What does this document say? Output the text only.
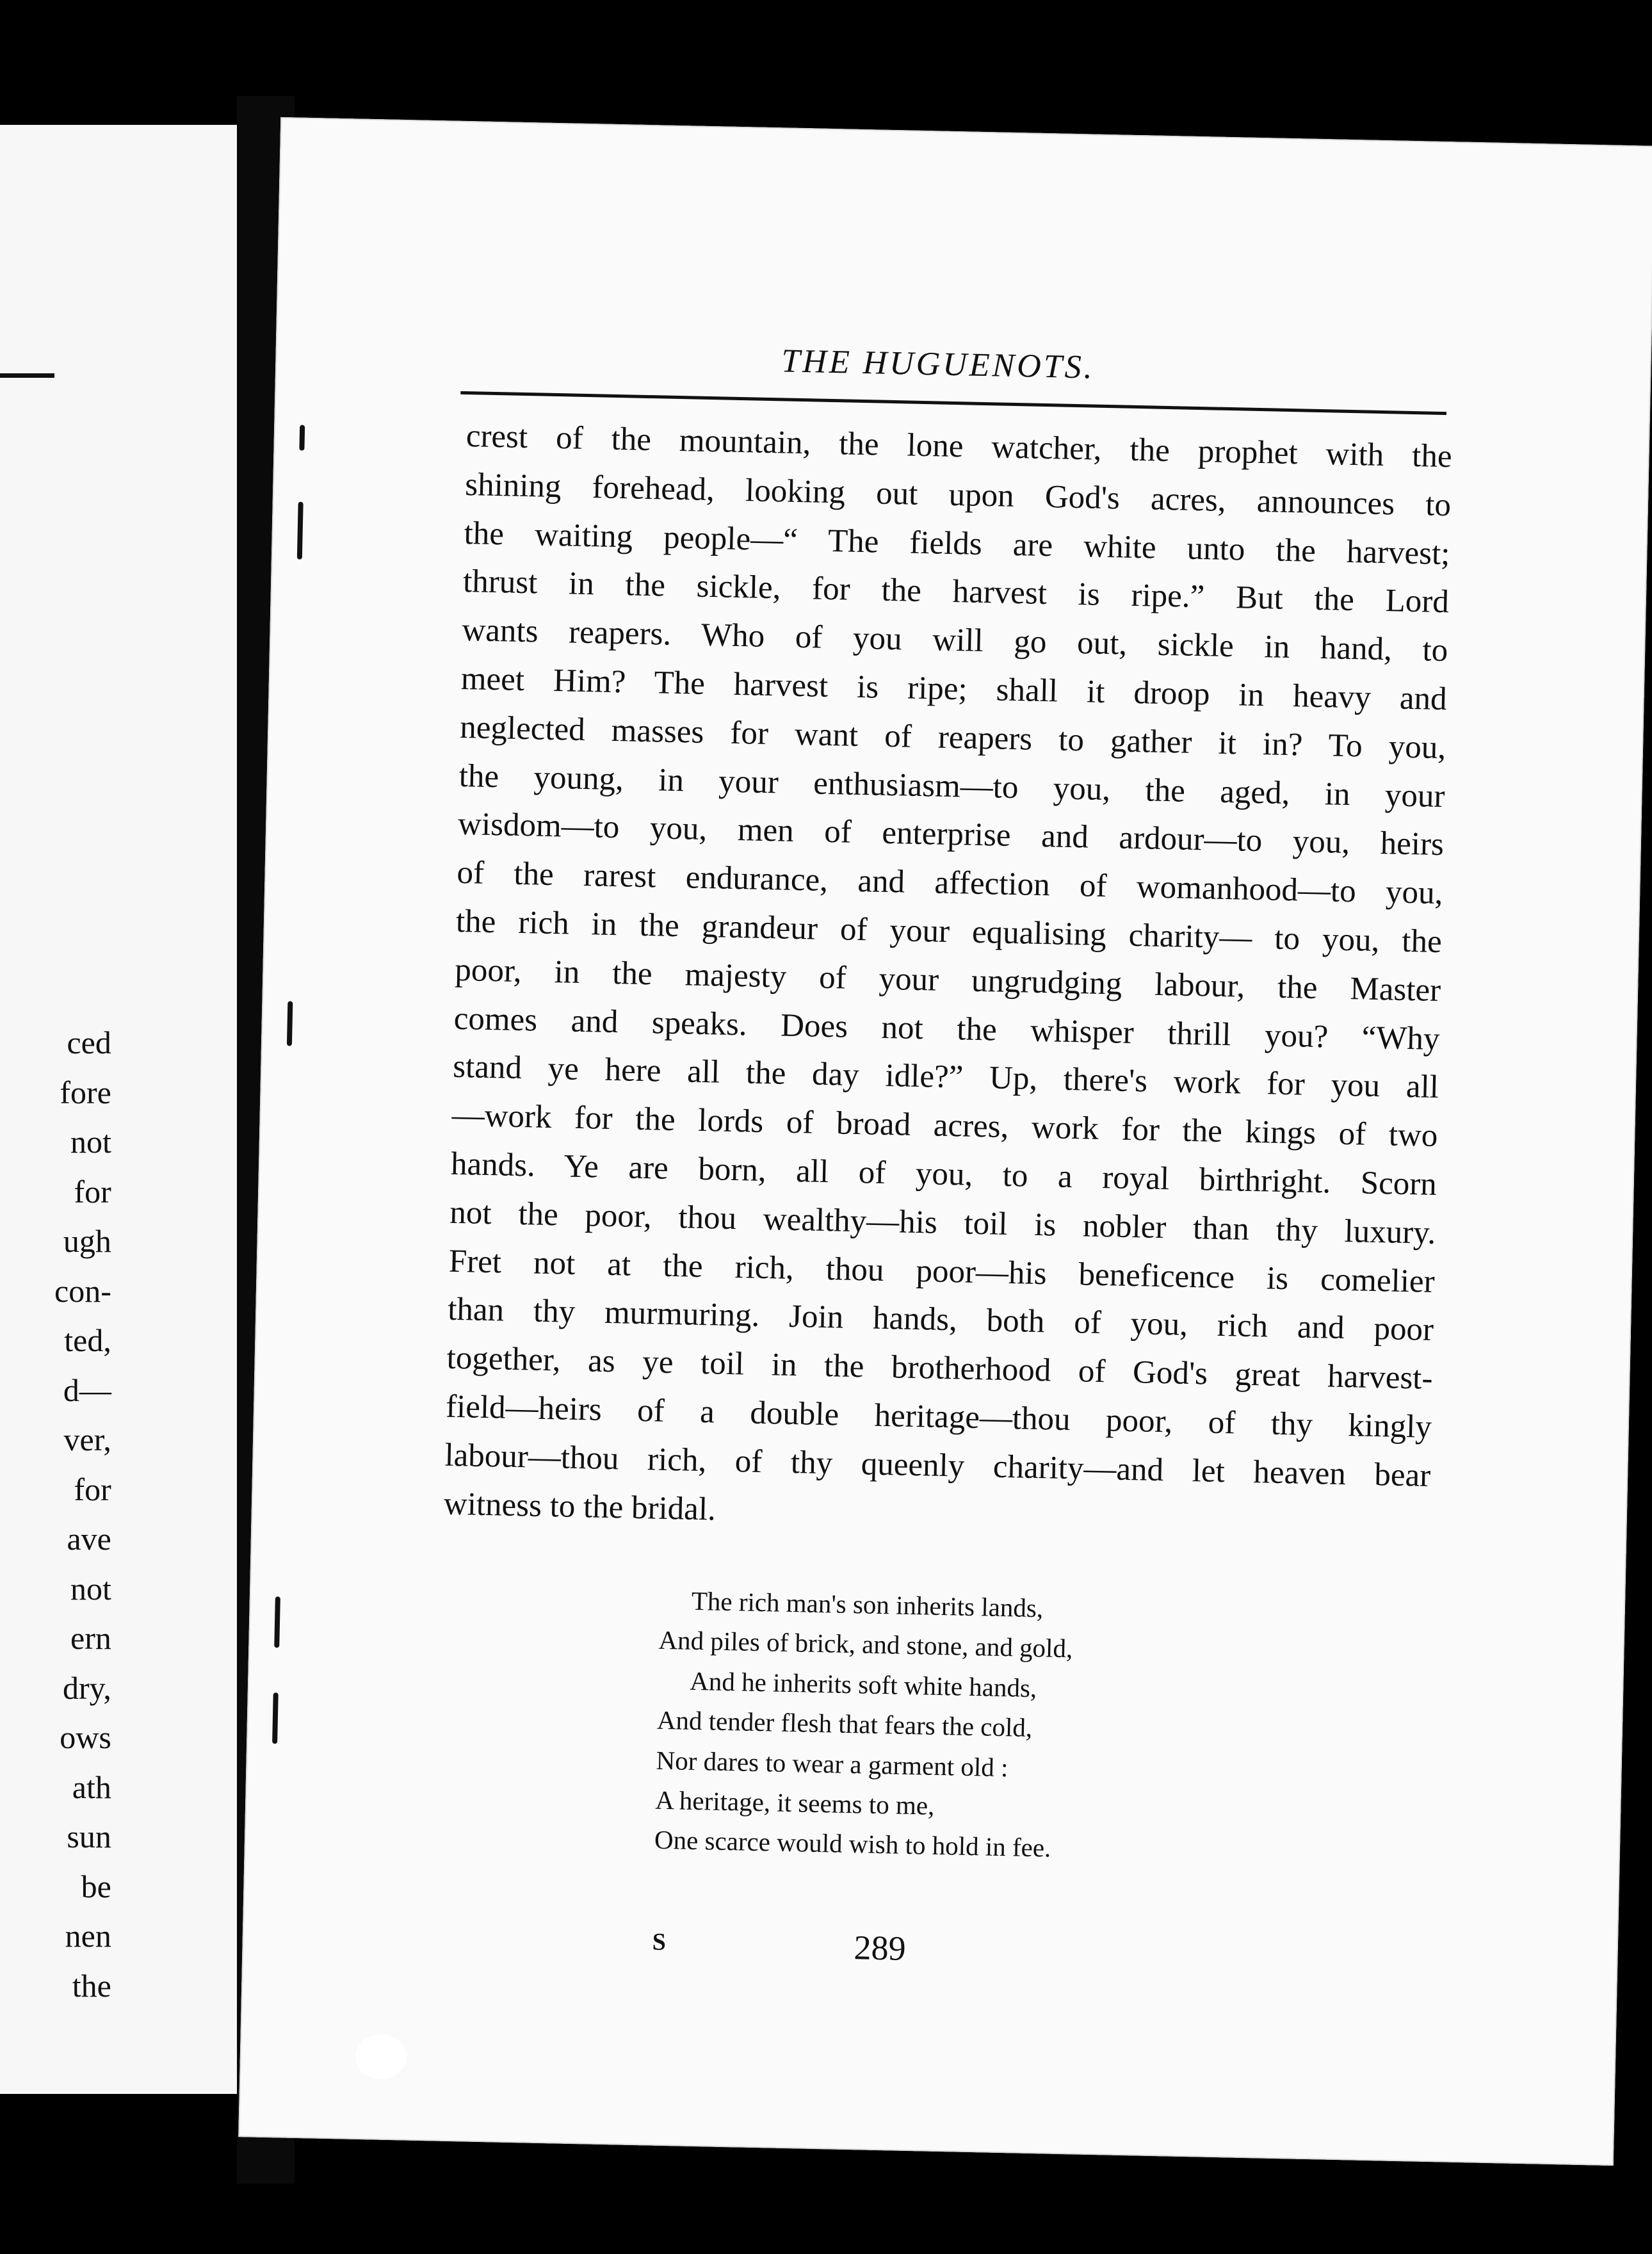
ced
fore
not
for
ugh
con-
ted,
d—
ver,
for
ave
not
ern
dry,
ows
ath
sun
be
nen
the
THE HUGUENOTS.
crest of the mountain, the lone watcher, the prophet with the
shining forehead, looking out upon God's acres, announces to
the waiting people—“ The fields are white unto the harvest;
thrust in the sickle, for the harvest is ripe.” But the Lord
wants reapers. Who of you will go out, sickle in hand, to
meet Him? The harvest is ripe; shall it droop in heavy and
neglected masses for want of reapers to gather it in? To you,
the young, in your enthusiasm—to you, the aged, in your
wisdom—to you, men of enterprise and ardour—to you, heirs
of the rarest endurance, and affection of womanhood—to you,
the rich in the grandeur of your equalising charity— to you, the
poor, in the majesty of your ungrudging labour, the Master
comes and speaks. Does not the whisper thrill you? “Why
stand ye here all the day idle?” Up, there's work for you all
—work for the lords of broad acres, work for the kings of two
hands. Ye are born, all of you, to a royal birthright. Scorn
not the poor, thou wealthy—his toil is nobler than thy luxury.
Fret not at the rich, thou poor—his beneficence is comelier
than thy murmuring. Join hands, both of you, rich and poor
together, as ye toil in the brotherhood of God's great harvest-
field—heirs of a double heritage—thou poor, of thy kingly
labour—thou rich, of thy queenly charity—and let heaven bear
witness to the bridal.
The rich man's son inherits lands,
And piles of brick, and stone, and gold,
And he inherits soft white hands,
And tender flesh that fears the cold,
Nor dares to wear a garment old :
A heritage, it seems to me,
One scarce would wish to hold in fee.
S	289
